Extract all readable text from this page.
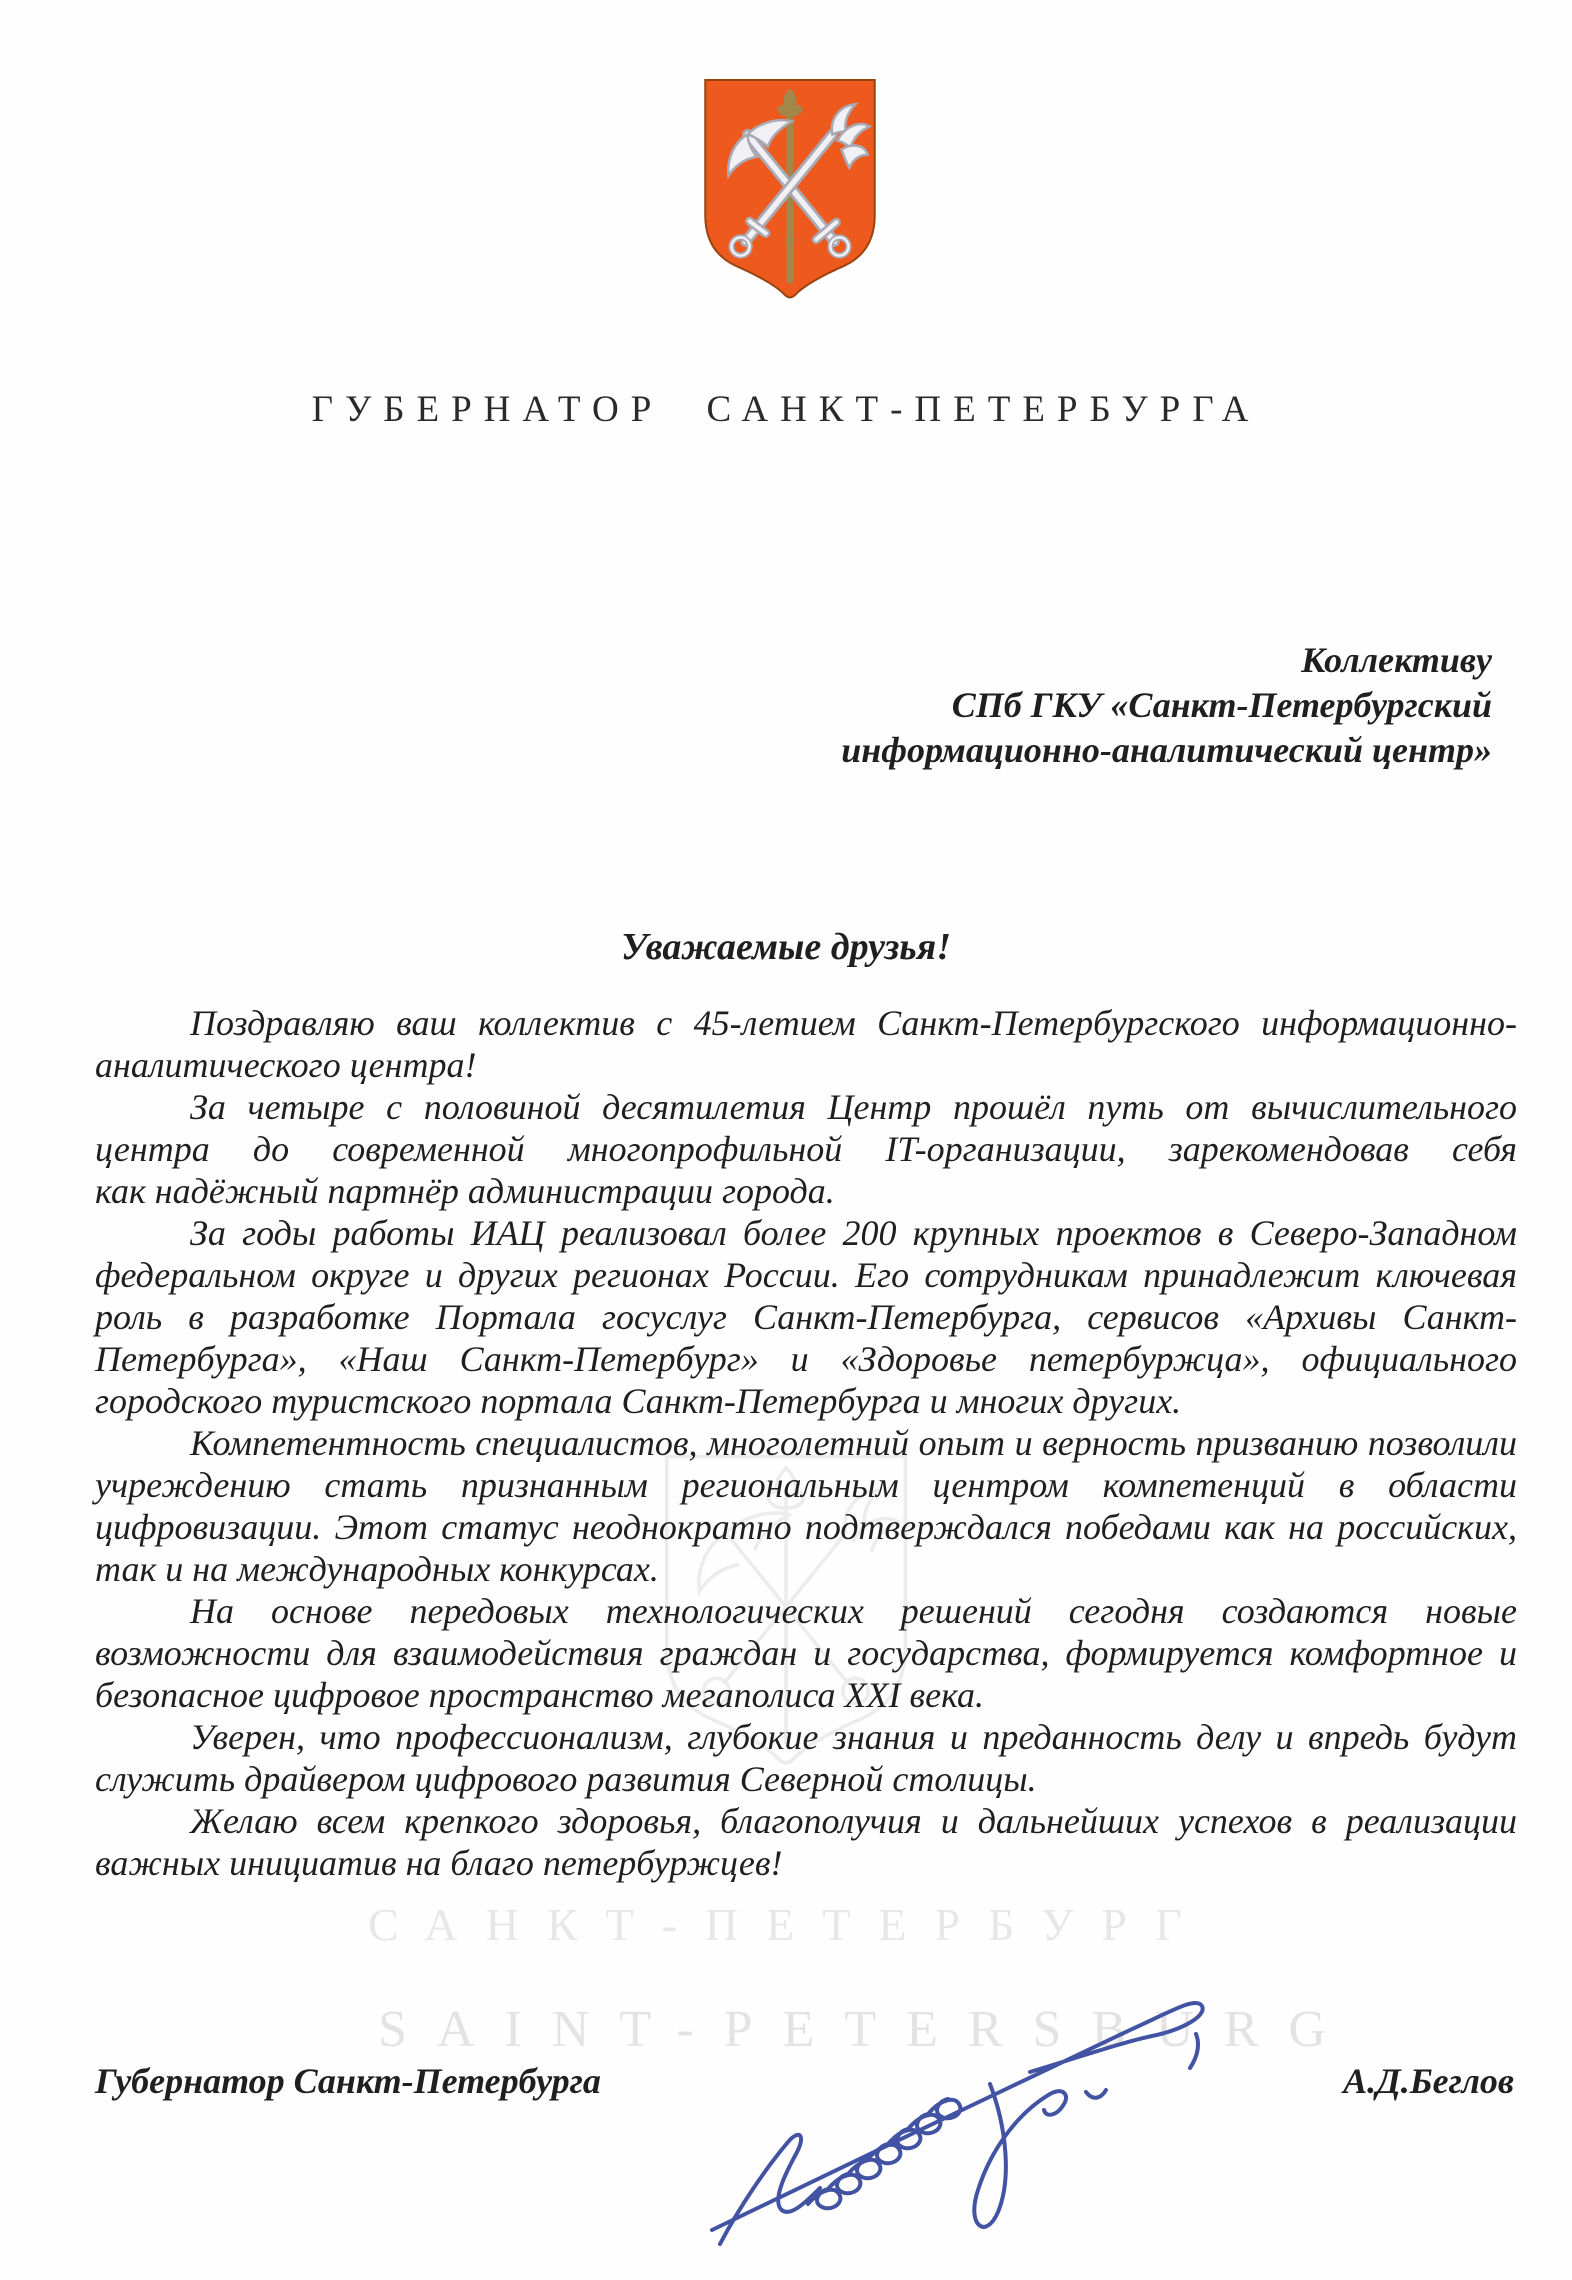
САНКТ-ПЕТЕРБУРГ
SAINT-PETERSBURG
ГУБЕРНАТОР САНКТ-ПЕТЕРБУРГА
Коллективу
СПб ГКУ «Санкт-Петербургский
информационно-аналитический центр»
Уважаемые друзья!

Поздравляю ваш коллектив с 45-летием Санкт-Петербургского информационно-аналитического центра!

За четыре с половиной десятилетия Центр прошёл путь от вычислительного центра до современной многопрофильной IT-организации, зарекомендовав себя как надёжный партнёр администрации города.

За годы работы ИАЦ реализовал более 200 крупных проектов в Северо-Западном федеральном округе и других регионах России. Его сотрудникам принадлежит ключевая роль в разработке Портала госуслуг Санкт-Петербурга, сервисов «Архивы Санкт-Петербурга», «Наш Санкт-Петербург» и «Здоровье петербуржца», официального городского туристского портала Санкт-Петербурга и многих других.

Компетентность специалистов, многолетний опыт и верность призванию позволили учреждению стать признанным региональным центром компетенций в области цифровизации. Этот статус неоднократно подтверждался победами как на российских, так и на международных конкурсах.

На основе передовых технологических решений сегодня создаются новые возможности для взаимодействия граждан и государства, формируется комфортное и безопасное цифровое пространство мегаполиса XXI века.

Уверен, что профессионализм, глубокие знания и преданность делу и впредь будут служить драйвером цифрового развития Северной столицы.

Желаю всем крепкого здоровья, благополучия и дальнейших успехов в реализации важных инициатив на благо петербуржцев!

Губернатор Санкт-Петербурга	А.Д.Беглов
